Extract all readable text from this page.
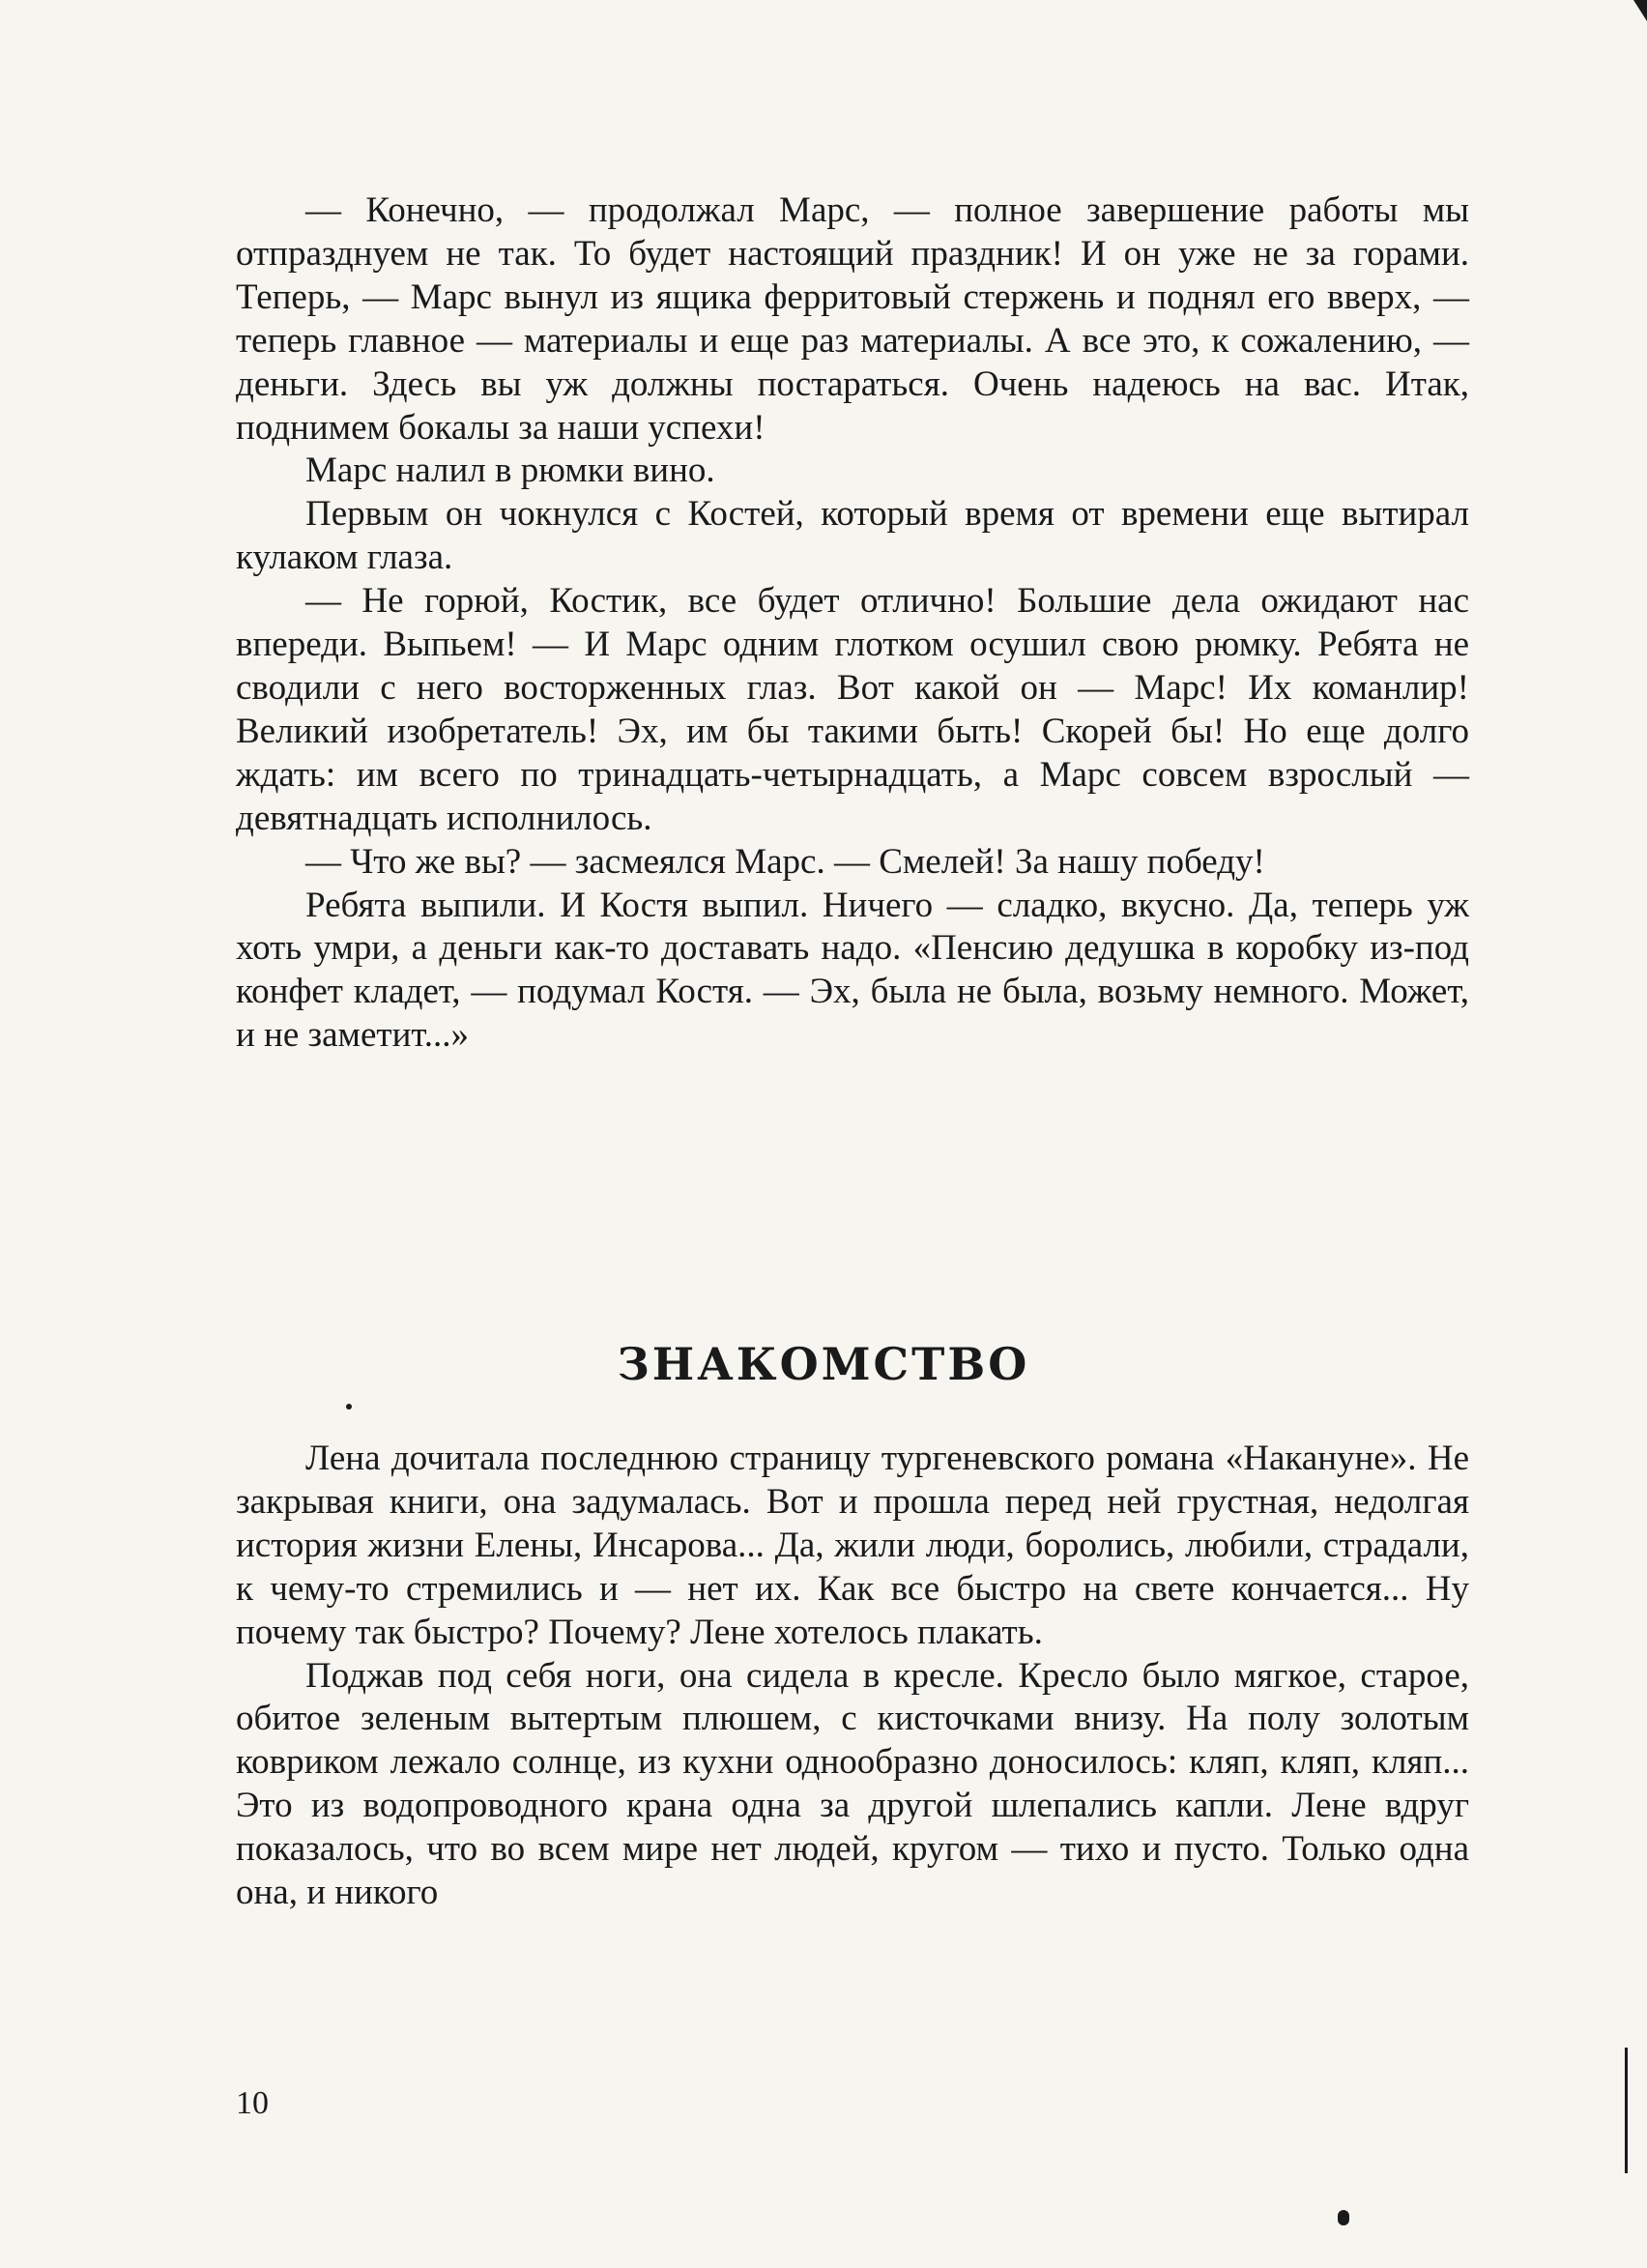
— Конечно, — продолжал Марс, — полное завершение работы мы отпразднуем не так. То будет настоящий праздник! И он уже не за горами. Теперь, — Марс вынул из ящика ферритовый стержень и поднял его вверх, — теперь главное — материалы и еще раз материалы. А все это, к сожалению, — деньги. Здесь вы уж должны постараться. Очень надеюсь на вас. Итак, поднимем бокалы за наши успехи!

Марс налил в рюмки вино.

Первым он чокнулся с Костей, который время от времени еще вытирал кулаком глаза.

— Не горюй, Костик, все будет отлично! Большие дела ожидают нас впереди. Выпьем! — И Марс одним глотком осушил свою рюмку. Ребята не сводили с него восторженных глаз. Вот какой он — Марс! Их команлир! Великий изобретатель! Эх, им бы такими быть! Скорей бы! Но еще долго ждать: им всего по тринадцать-четырнадцать, а Марс совсем взрослый — девятнадцать исполнилось.

— Что же вы? — засмеялся Марс. — Смелей! За нашу победу!

Ребята выпили. И Костя выпил. Ничего — сладко, вкусно. Да, теперь уж хоть умри, а деньги как-то доставать надо. «Пенсию дедушка в коробку из-под конфет кладет, — подумал Костя. — Эх, была не была, возьму немного. Может, и не заметит...»

ЗНАКОМСТВО

Лена дочитала последнюю страницу тургеневского романа «Накануне». Не закрывая книги, она задумалась. Вот и прошла перед ней грустная, недолгая история жизни Елены, Инсарова... Да, жили люди, боролись, любили, страдали, к чему-то стремились и — нет их. Как все быстро на свете кончается... Ну почему так быстро? Почему? Лене хотелось плакать.

Поджав под себя ноги, она сидела в кресле. Кресло было мягкое, старое, обитое зеленым вытертым плюшем, с кисточками внизу. На полу золотым ковриком лежало солнце, из кухни однообразно доносилось: кляп, кляп, кляп... Это из водопроводного крана одна за другой шлепались капли. Лене вдруг показалось, что во всем мире нет людей, кругом — тихо и пусто. Только одна она, и никого

10
